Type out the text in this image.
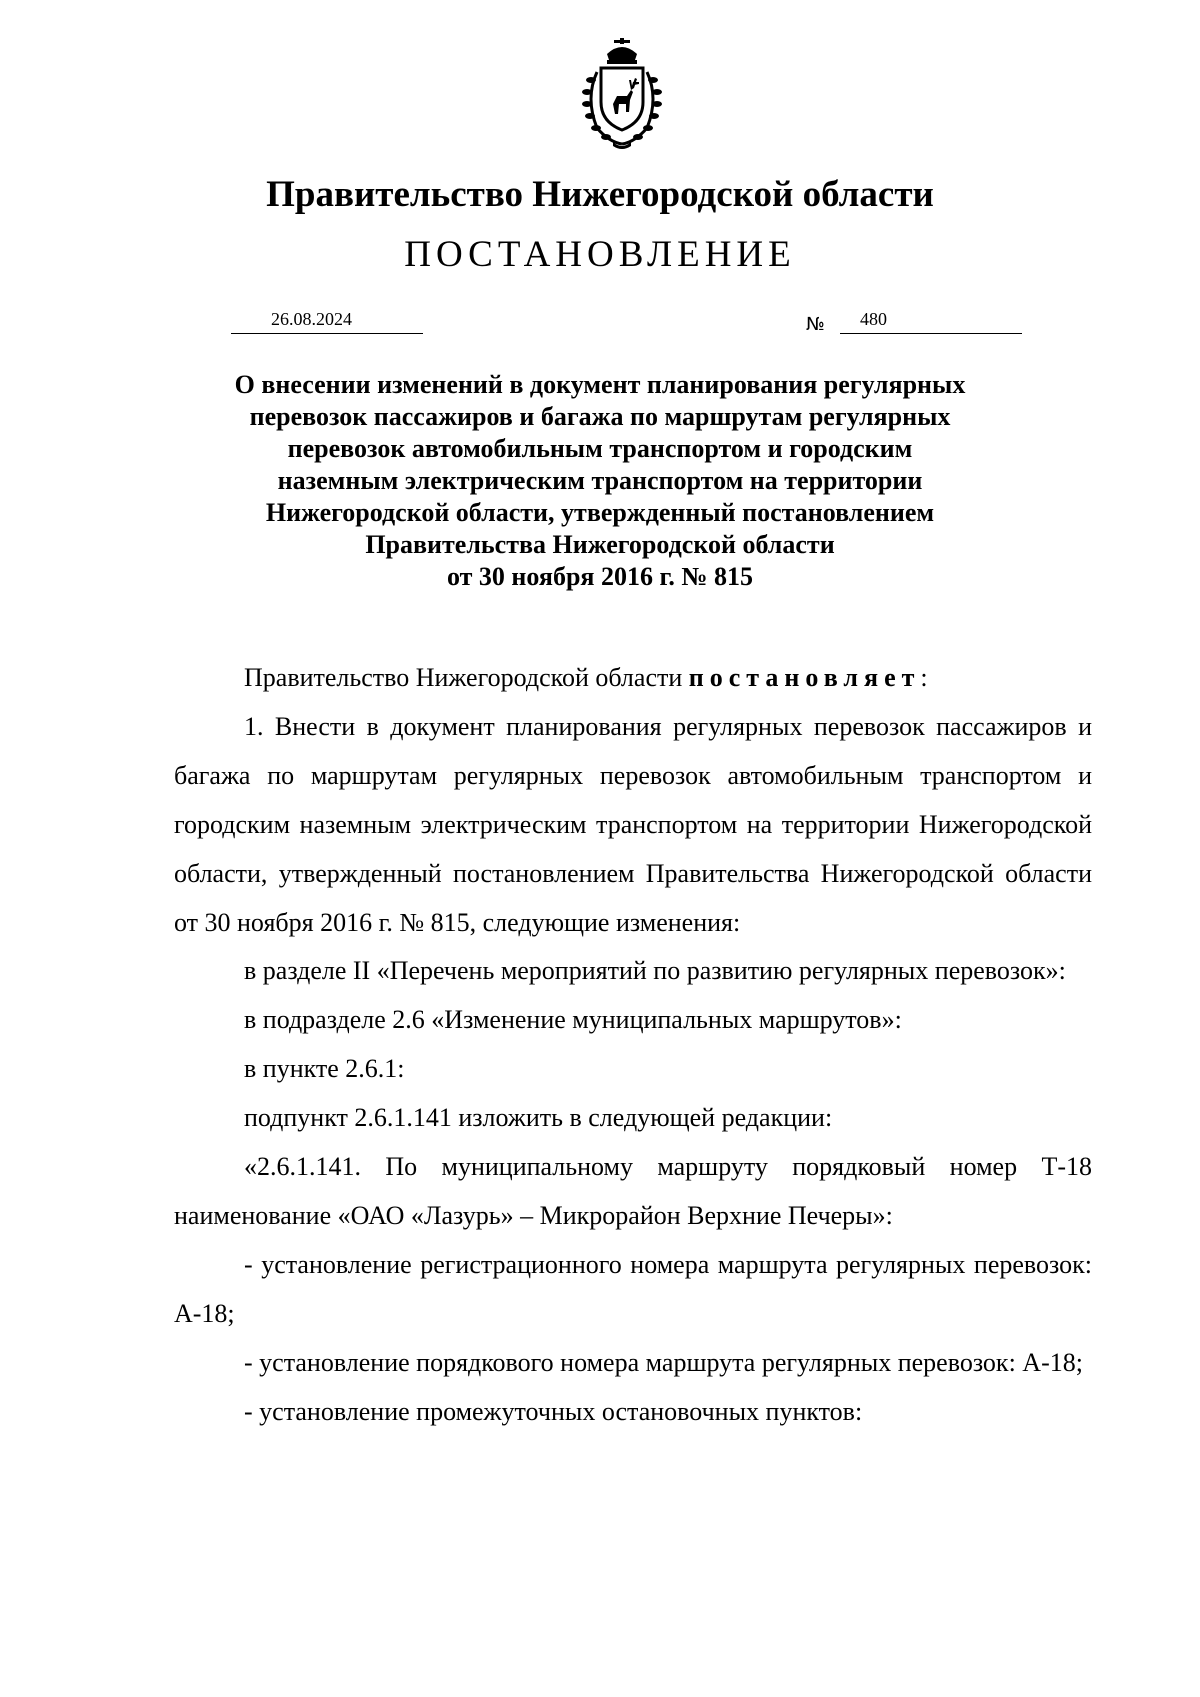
Правительство Нижегородской области
ПОСТАНОВЛЕНИЕ
26.08.2024	№ 480
О внесении изменений в документ планирования регулярных
перевозок пассажиров и багажа по маршрутам регулярных
перевозок автомобильным транспортом и городским
наземным электрическим транспортом на территории
Нижегородской области, утвержденный постановлением
Правительства Нижегородской области
от 30 ноября 2016 г. № 815

Правительство Нижегородской области постановляет:

1. Внести в документ планирования регулярных перевозок пассажиров и багажа по маршрутам регулярных перевозок автомобильным транспортом и городским наземным электрическим транспортом на территории Нижегородской области, утвержденный постановлением Правительства Нижегородской области от 30 ноября 2016 г. № 815, следующие изменения:

в разделе II «Перечень мероприятий по развитию регулярных перевозок»:

в подразделе 2.6 «Изменение муниципальных маршрутов»:

в пункте 2.6.1:

подпункт 2.6.1.141 изложить в следующей редакции:

«2.6.1.141. По муниципальному маршруту порядковый номер Т-18 наименование «ОАО «Лазурь» – Микрорайон Верхние Печеры»:

- установление регистрационного номера маршрута регулярных перевозок: А-18;

- установление порядкового номера маршрута регулярных перевозок: А-18;

- установление промежуточных остановочных пунктов:
